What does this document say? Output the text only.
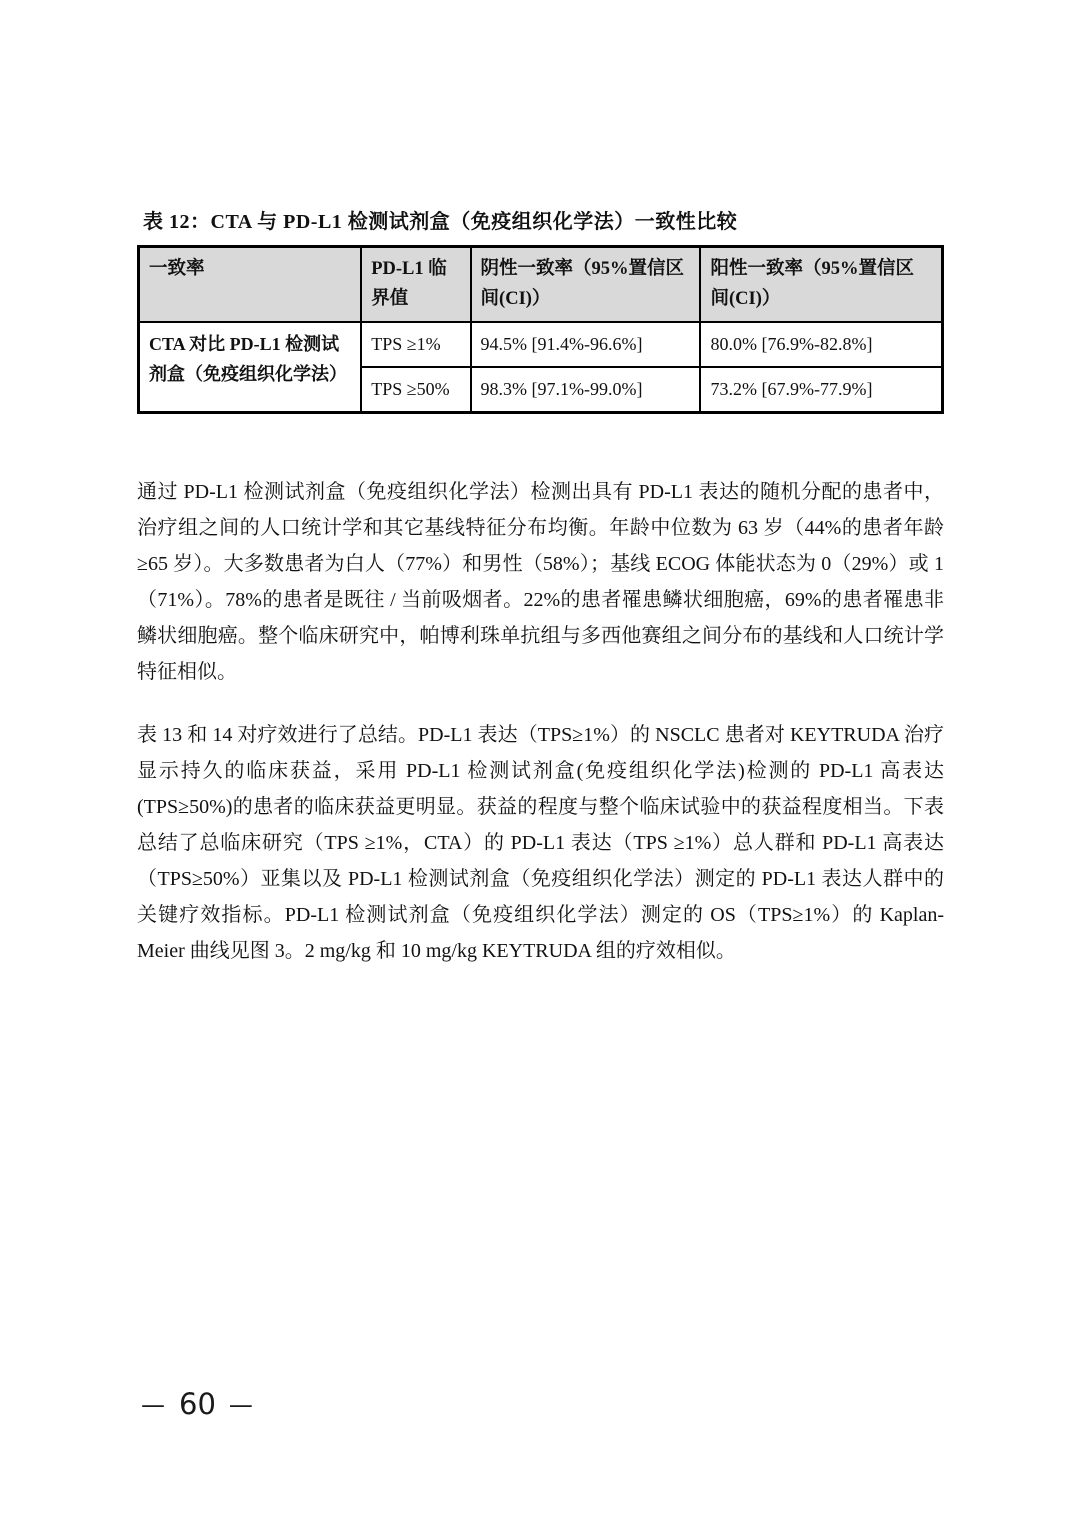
表 12：CTA 与 PD-L1 检测试剂盒（免疫组织化学法）一致性比较

一致率	PD-L1 临界值	阴性一致率（95%置信区间(CI)）	阳性一致率（95%置信区间(CI)）
CTA 对比 PD-L1 检测试剂盒（免疫组织化学法）	TPS ≥1%	94.5% [91.4%-96.6%]	80.0% [76.9%-82.8%]
	TPS ≥50%	98.3% [97.1%-99.0%]	73.2% [67.9%-77.9%]

通过 PD-L1 检测试剂盒（免疫组织化学法）检测出具有 PD-L1 表达的随机分配的患者中，治疗组之间的人口统计学和其它基线特征分布均衡。年龄中位数为 63 岁（44%的患者年龄≥65 岁）。大多数患者为白人（77%）和男性（58%）；基线 ECOG 体能状态为 0（29%）或 1（71%）。78%的患者是既往 / 当前吸烟者。22%的患者罹患鳞状细胞癌，69%的患者罹患非鳞状细胞癌。整个临床研究中，帕博利珠单抗组与多西他赛组之间分布的基线和人口统计学特征相似。

表 13 和 14 对疗效进行了总结。PD-L1 表达（TPS≥1%）的 NSCLC 患者对 KEYTRUDA 治疗显示持久的临床获益，采用 PD-L1 检测试剂盒(免疫组织化学法)检测的 PD-L1 高表达(TPS≥50%)的患者的临床获益更明显。获益的程度与整个临床试验中的获益程度相当。下表总结了总临床研究（TPS ≥1%，CTA）的 PD-L1 表达（TPS ≥1%）总人群和 PD-L1 高表达（TPS≥50%）亚集以及 PD-L1 检测试剂盒（免疫组织化学法）测定的 PD-L1 表达人群中的关键疗效指标。PD-L1 检测试剂盒（免疫组织化学法）测定的 OS（TPS≥1%）的 Kaplan-Meier 曲线见图 3。2 mg/kg 和 10 mg/kg KEYTRUDA 组的疗效相似。

— 60 —
